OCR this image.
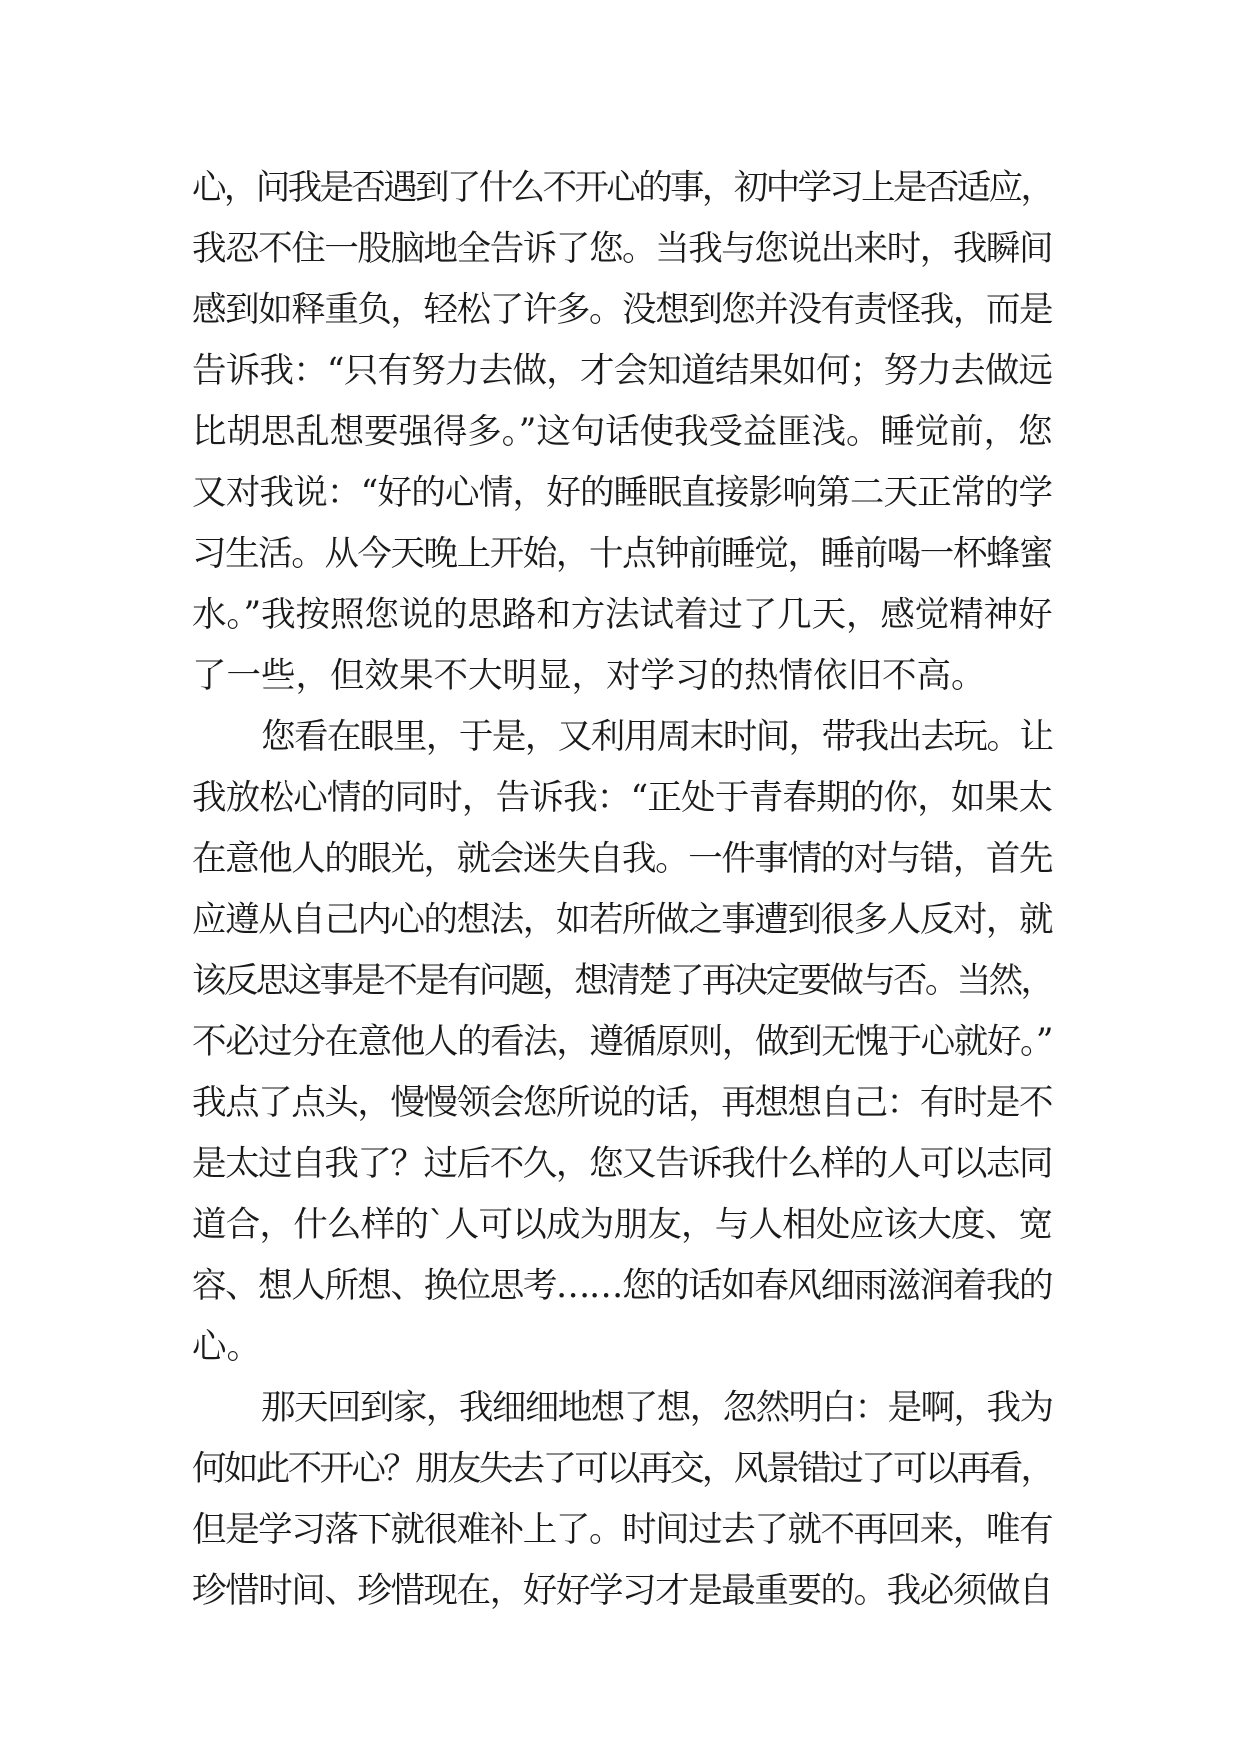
心，问我是否遇到了什么不开心的事，初中学习上是否适应，
我忍不住一股脑地全告诉了您。当我与您说出来时，我瞬间
感到如释重负，轻松了许多。没想到您并没有责怪我，而是
告诉我：“只有努力去做，才会知道结果如何；努力去做远
比胡思乱想要强得多。”这句话使我受益匪浅。睡觉前，您
又对我说：“好的心情，好的睡眠直接影响第二天正常的学
习生活。从今天晚上开始，十点钟前睡觉，睡前喝一杯蜂蜜
水。”我按照您说的思路和方法试着过了几天，感觉精神好
了一些，但效果不大明显，对学习的热情依旧不高。
您看在眼里，于是，又利用周末时间，带我出去玩。让
我放松心情的同时，告诉我：“正处于青春期的你，如果太
在意他人的眼光，就会迷失自我。一件事情的对与错，首先
应遵从自己内心的想法，如若所做之事遭到很多人反对，就
该反思这事是不是有问题，想清楚了再决定要做与否。当然，
不必过分在意他人的看法，遵循原则，做到无愧于心就好。”
我点了点头，慢慢领会您所说的话，再想想自己：有时是不
是太过自我了？过后不久，您又告诉我什么样的人可以志同
道合，什么样的`人可以成为朋友，与人相处应该大度、宽
容、想人所想、换位思考……您的话如春风细雨滋润着我的
心。
那天回到家，我细细地想了想，忽然明白：是啊，我为
何如此不开心？朋友失去了可以再交，风景错过了可以再看，
但是学习落下就很难补上了。时间过去了就不再回来，唯有
珍惜时间、珍惜现在，好好学习才是最重要的。我必须做自
